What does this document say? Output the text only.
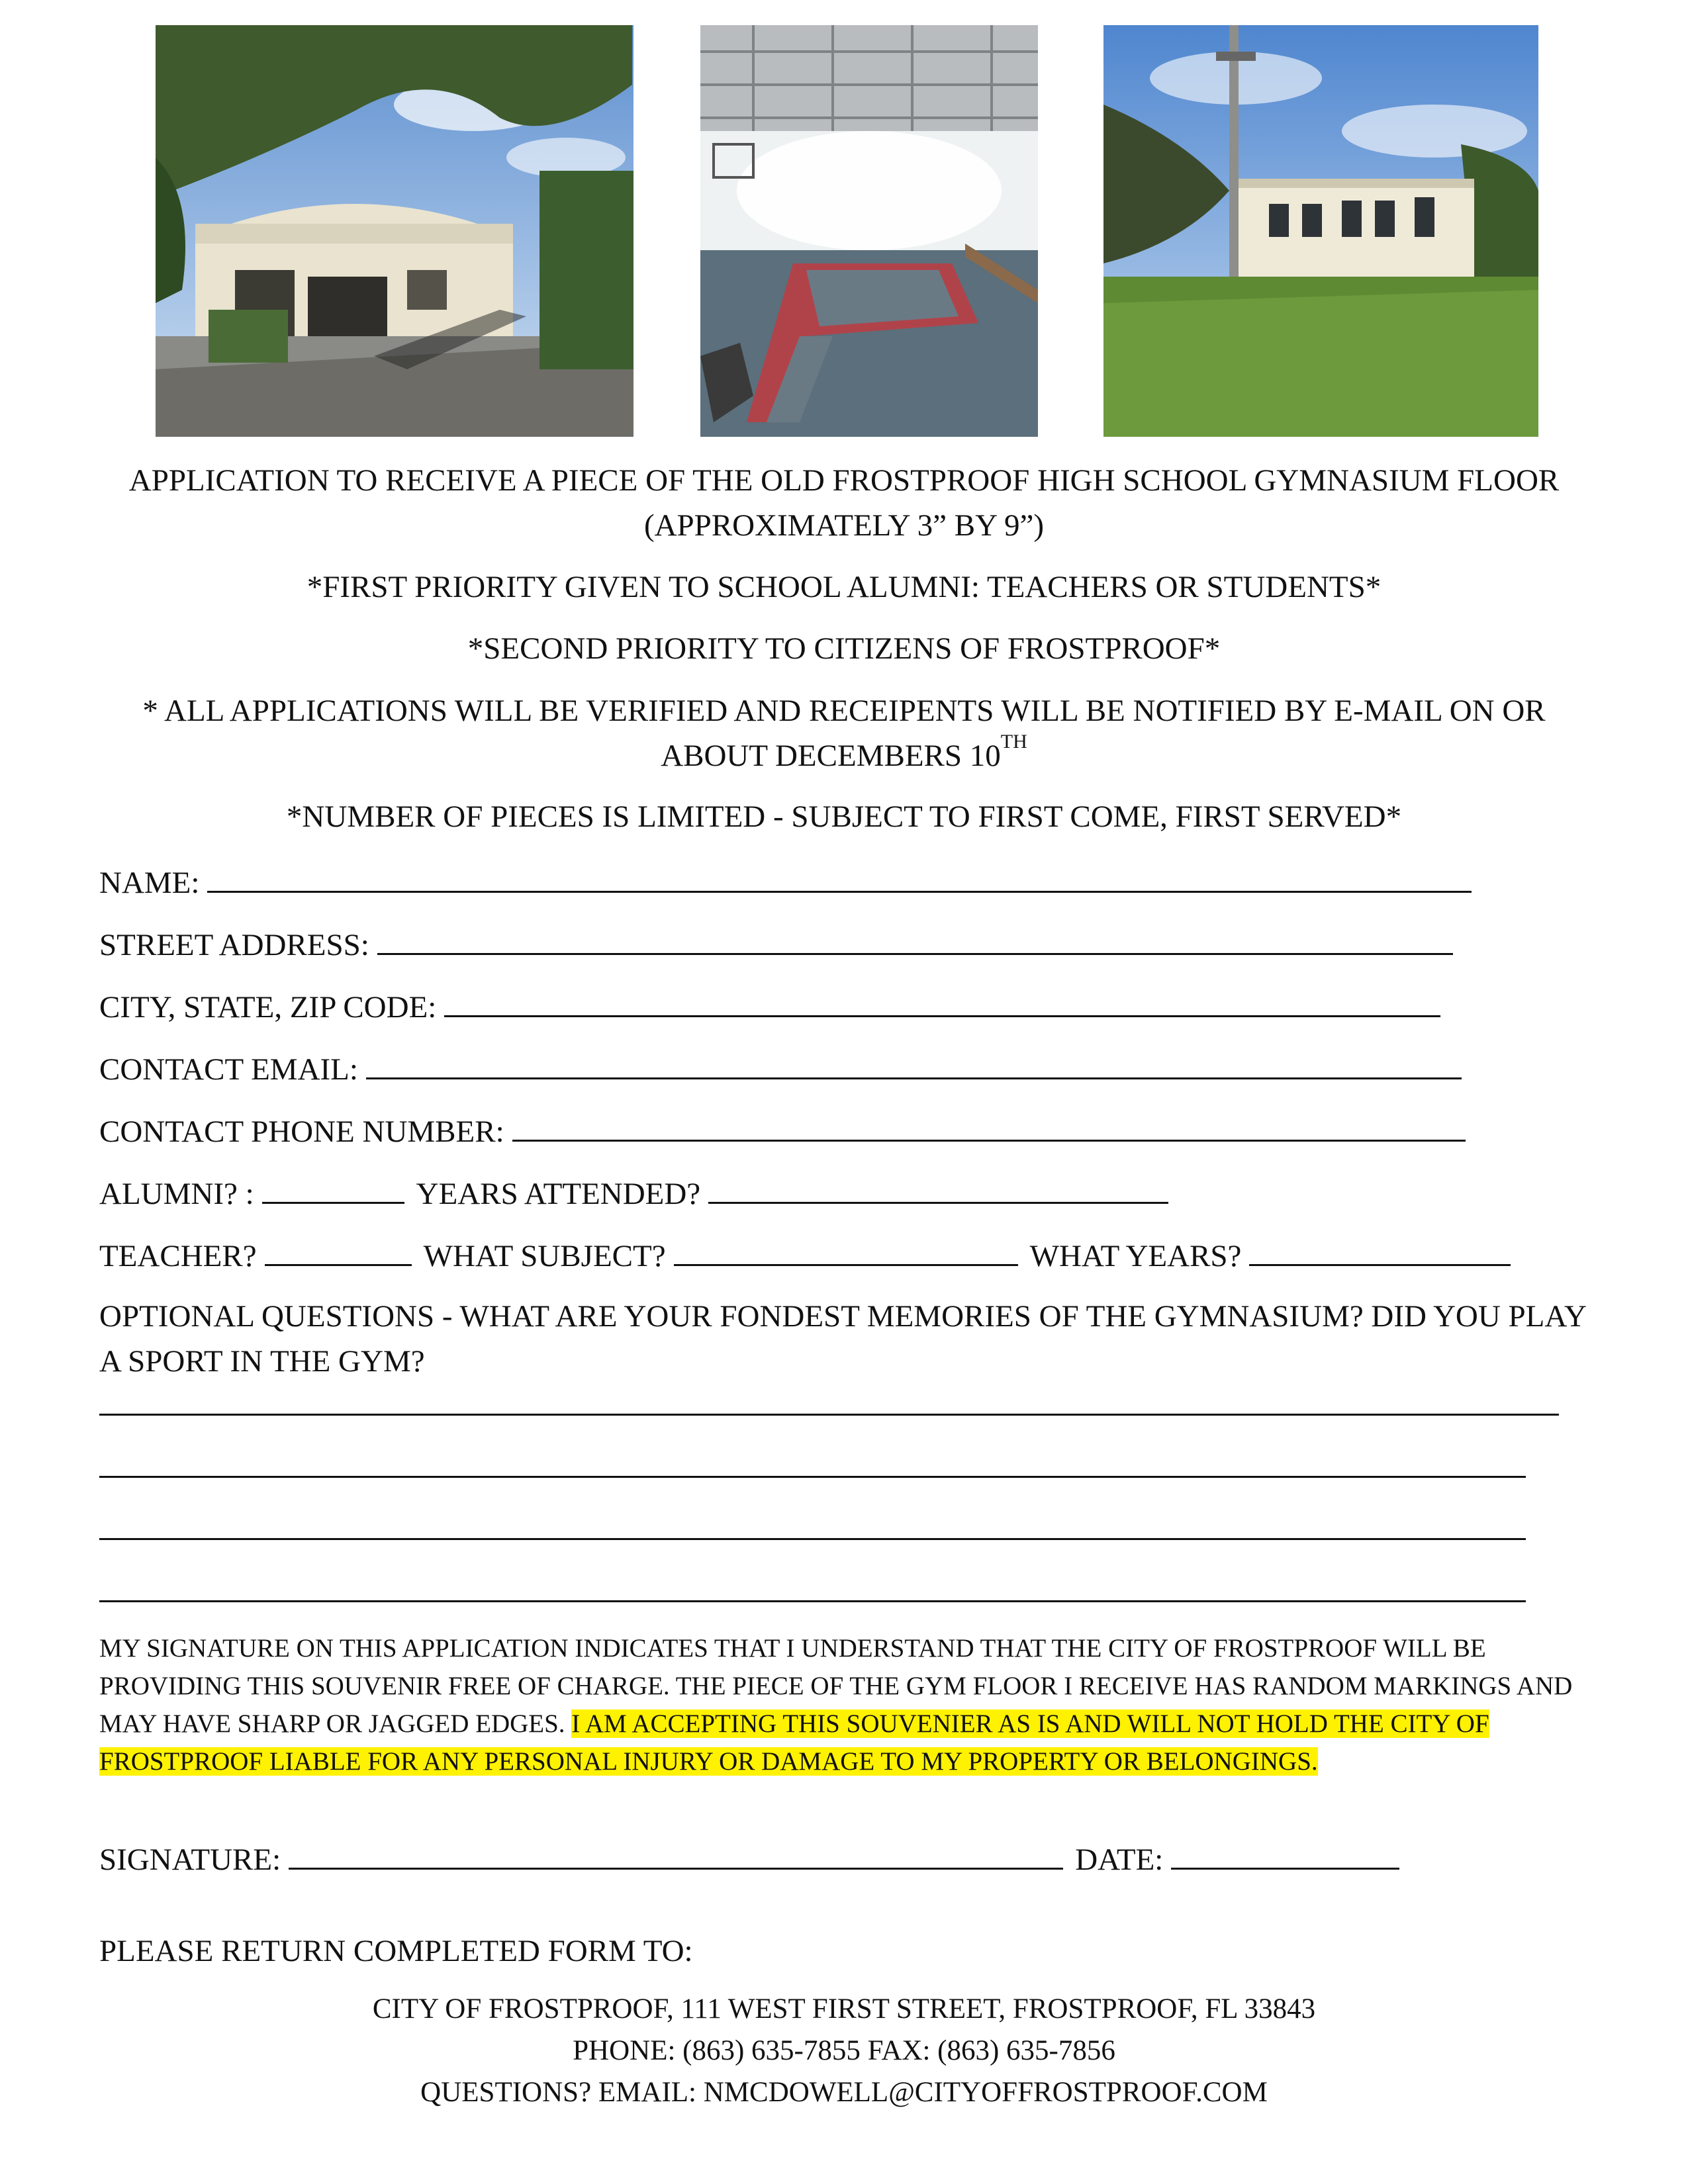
APPLICATION TO RECEIVE A PIECE OF THE OLD FROSTPROOF HIGH SCHOOL GYMNASIUM FLOOR (APPROXIMATELY 3” BY 9”)
*FIRST PRIORITY GIVEN TO SCHOOL ALUMNI: TEACHERS OR STUDENTS*
*SECOND PRIORITY TO CITIZENS OF FROSTPROOF*
* ALL APPLICATIONS WILL BE VERIFIED AND RECEIPENTS WILL BE NOTIFIED BY E-MAIL ON OR ABOUT DECEMBERS 10TH
*NUMBER OF PIECES IS LIMITED - SUBJECT TO FIRST COME, FIRST SERVED*
NAME:
STREET ADDRESS:
CITY, STATE, ZIP CODE:
CONTACT EMAIL:
CONTACT PHONE NUMBER:
ALUMNI? :	YEARS ATTENDED?
TEACHER?	WHAT SUBJECT?	WHAT YEARS?
OPTIONAL QUESTIONS - WHAT ARE YOUR FONDEST MEMORIES OF THE GYMNASIUM? DID YOU PLAY A SPORT IN THE GYM?
MY SIGNATURE ON THIS APPLICATION INDICATES THAT I UNDERSTAND THAT THE CITY OF FROSTPROOF WILL BE PROVIDING THIS SOUVENIR FREE OF CHARGE. THE PIECE OF THE GYM FLOOR I RECEIVE HAS RANDOM MARKINGS AND MAY HAVE SHARP OR JAGGED EDGES. I AM ACCEPTING THIS SOUVENIER AS IS AND WILL NOT HOLD THE CITY OF FROSTPROOF LIABLE FOR ANY PERSONAL INJURY OR DAMAGE TO MY PROPERTY OR BELONGINGS.
SIGNATURE:	DATE:
PLEASE RETURN COMPLETED FORM TO:
CITY OF FROSTPROOF, 111 WEST FIRST STREET, FROSTPROOF, FL 33843
PHONE: (863) 635-7855 FAX: (863) 635-7856
QUESTIONS? EMAIL: NMCDOWELL@CITYOFFROSTPROOF.COM
